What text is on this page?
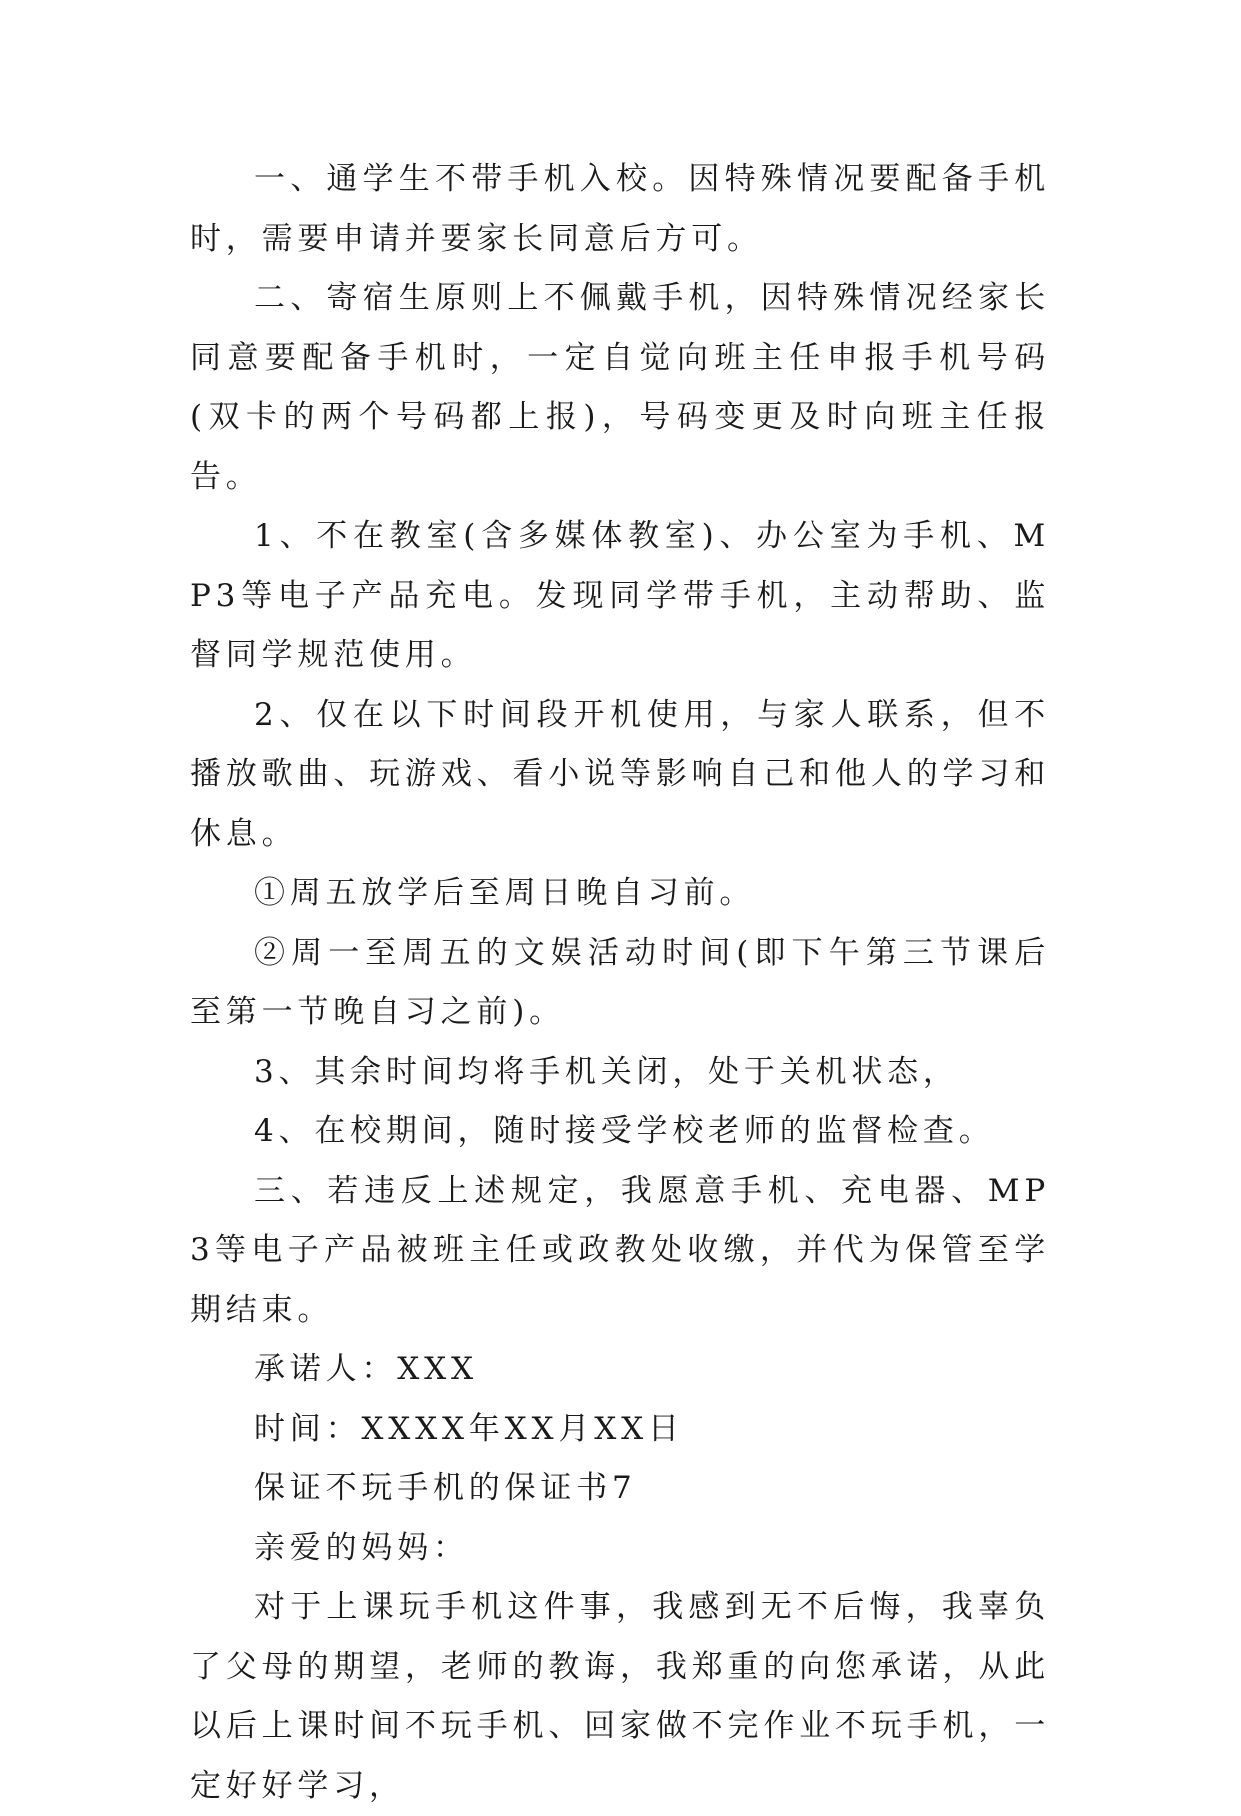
一、通学生不带手机入校。因特殊情况要配备手机时，需要申请并要家长同意后方可。

二、寄宿生原则上不佩戴手机，因特殊情况经家长同意要配备手机时，一定自觉向班主任申报手机号码(双卡的两个号码都上报)，号码变更及时向班主任报告。

1、不在教室(含多媒体教室)、办公室为手机、MP3等电子产品充电。发现同学带手机，主动帮助、监督同学规范使用。

2、仅在以下时间段开机使用，与家人联系，但不播放歌曲、玩游戏、看小说等影响自己和他人的学习和休息。

①周五放学后至周日晚自习前。

②周一至周五的文娱活动时间(即下午第三节课后至第一节晚自习之前)。

3、其余时间均将手机关闭，处于关机状态，

4、在校期间，随时接受学校老师的监督检查。

三、若违反上述规定，我愿意手机、充电器、MP3等电子产品被班主任或政教处收缴，并代为保管至学期结束。

承诺人：XXX

时间：XXXX年XX月XX日

保证不玩手机的保证书7

亲爱的妈妈：

对于上课玩手机这件事，我感到无不后悔，我辜负了父母的期望，老师的教诲，我郑重的向您承诺，从此以后上课时间不玩手机、回家做不完作业不玩手机，一定好好学习，
